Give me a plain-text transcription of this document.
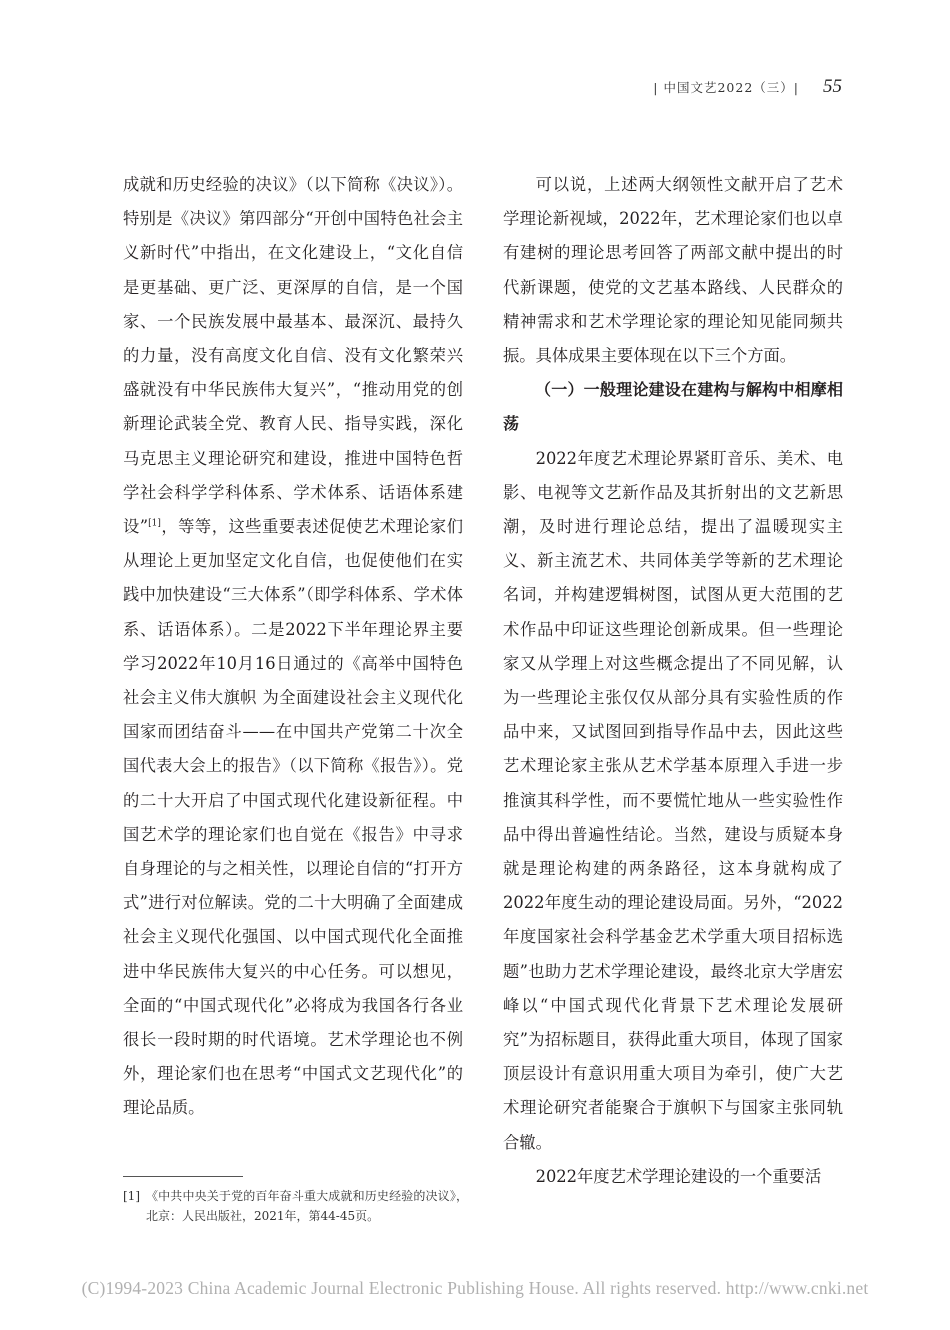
| 中国文艺2022（三）| 55

成就和历史经验的决议》（以下简称《决议》）。特别是《决议》第四部分“开创中国特色社会主义新时代”中指出，在文化建设上，“文化自信是更基础、更广泛、更深厚的自信，是一个国家、一个民族发展中最基本、最深沉、最持久的力量，没有高度文化自信、没有文化繁荣兴盛就没有中华民族伟大复兴”，“推动用党的创新理论武装全党、教育人民、指导实践，深化马克思主义理论研究和建设，推进中国特色哲学社会科学学科体系、学术体系、话语体系建设”[1]，等等，这些重要表述促使艺术理论家们从理论上更加坚定文化自信，也促使他们在实践中加快建设“三大体系”（即学科体系、学术体系、话语体系）。二是2022下半年理论界主要学习2022年10月16日通过的《高举中国特色社会主义伟大旗帜 为全面建设社会主义现代化国家而团结奋斗——在中国共产党第二十次全国代表大会上的报告》（以下简称《报告》）。党的二十大开启了中国式现代化建设新征程。中国艺术学的理论家们也自觉在《报告》中寻求自身理论的与之相关性，以理论自信的“打开方式”进行对位解读。党的二十大明确了全面建成社会主义现代化强国、以中国式现代化全面推进中华民族伟大复兴的中心任务。可以想见，全面的“中国式现代化”必将成为我国各行各业很长一段时期的时代语境。艺术学理论也不例外，理论家们也在思考“中国式文艺现代化”的理论品质。

[1] 《中共中央关于党的百年奋斗重大成就和历史经验的决议》，北京：人民出版社，2021年，第44-45页。

可以说，上述两大纲领性文献开启了艺术学理论新视域，2022年，艺术理论家们也以卓有建树的理论思考回答了两部文献中提出的时代新课题，使党的文艺基本路线、人民群众的精神需求和艺术学理论家的理论知见能同频共振。具体成果主要体现在以下三个方面。

（一）一般理论建设在建构与解构中相摩相荡

2022年度艺术理论界紧盯音乐、美术、电影、电视等文艺新作品及其折射出的文艺新思潮，及时进行理论总结，提出了温暖现实主义、新主流艺术、共同体美学等新的艺术理论名词，并构建逻辑树图，试图从更大范围的艺术作品中印证这些理论创新成果。但一些理论家又从学理上对这些概念提出了不同见解，认为一些理论主张仅仅从部分具有实验性质的作品中来，又试图回到指导作品中去，因此这些艺术理论家主张从艺术学基本原理入手进一步推演其科学性，而不要慌忙地从一些实验性作品中得出普遍性结论。当然，建设与质疑本身就是理论构建的两条路径，这本身就构成了2022年度生动的理论建设局面。另外，“2022年度国家社会科学基金艺术学重大项目招标选题”也助力艺术学理论建设，最终北京大学唐宏峰以“中国式现代化背景下艺术理论发展研究”为招标题目，获得此重大项目，体现了国家顶层设计有意识用重大项目为牵引，使广大艺术理论研究者能聚合于旗帜下与国家主张同轨合辙。

2022年度艺术学理论建设的一个重要活

(C)1994-2023 China Academic Journal Electronic Publishing House. All rights reserved. http://www.cnki.net
